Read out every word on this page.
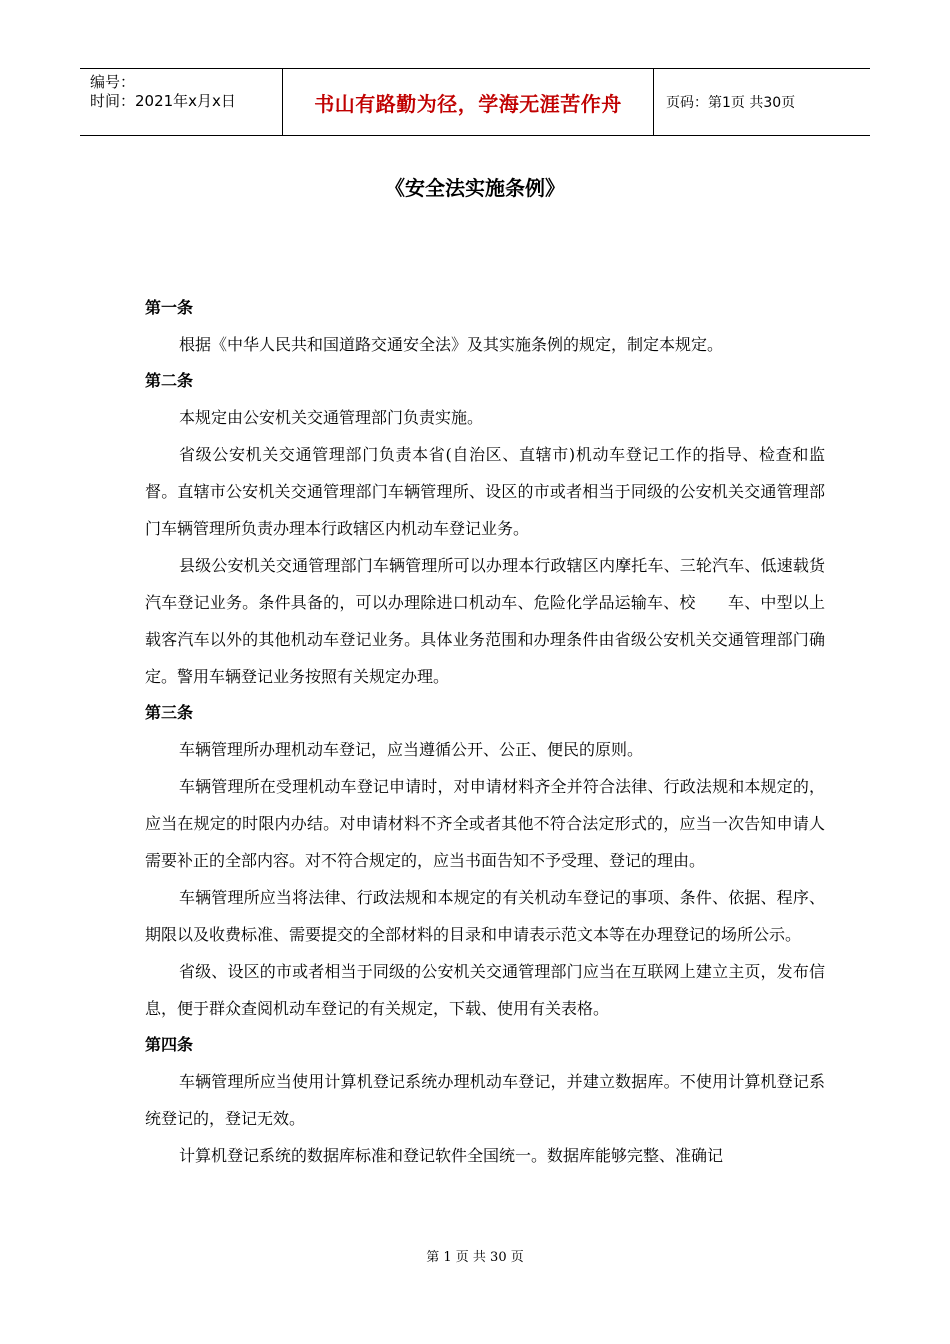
编号：
时间：2021年x月x日	书山有路勤为径，学海无涯苦作舟	页码：第1页 共30页
《安全法实施条例》
第一条

根据《中华人民共和国道路交通安全法》及其实施条例的规定，制定本规定。

第二条

本规定由公安机关交通管理部门负责实施。

省级公安机关交通管理部门负责本省(自治区、直辖市)机动车登记工作的指导、检查和监督。直辖市公安机关交通管理部门车辆管理所、设区的市或者相当于同级的公安机关交通管理部门车辆管理所负责办理本行政辖区内机动车登记业务。

县级公安机关交通管理部门车辆管理所可以办理本行政辖区内摩托车、三轮汽车、低速载货汽车登记业务。条件具备的，可以办理除进口机动车、危险化学品运输车、校　　车、中型以上载客汽车以外的其他机动车登记业务。具体业务范围和办理条件由省级公安机关交通管理部门确定。警用车辆登记业务按照有关规定办理。

第三条

车辆管理所办理机动车登记，应当遵循公开、公正、便民的原则。

车辆管理所在受理机动车登记申请时，对申请材料齐全并符合法律、行政法规和本规定的，应当在规定的时限内办结。对申请材料不齐全或者其他不符合法定形式的，应当一次告知申请人需要补正的全部内容。对不符合规定的，应当书面告知不予受理、登记的理由。

车辆管理所应当将法律、行政法规和本规定的有关机动车登记的事项、条件、依据、程序、期限以及收费标准、需要提交的全部材料的目录和申请表示范文本等在办理登记的场所公示。

省级、设区的市或者相当于同级的公安机关交通管理部门应当在互联网上建立主页，发布信息，便于群众查阅机动车登记的有关规定，下载、使用有关表格。

第四条

车辆管理所应当使用计算机登记系统办理机动车登记，并建立数据库。不使用计算机登记系统登记的，登记无效。

计算机登记系统的数据库标准和登记软件全国统一。数据库能够完整、准确记

第 1 页 共 30 页
